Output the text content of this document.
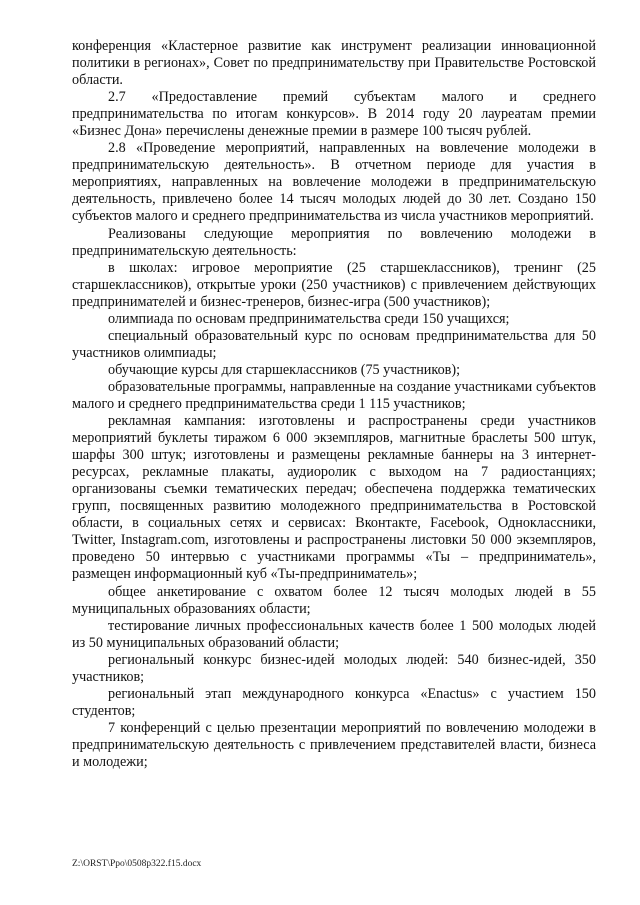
конференция «Кластерное развитие как инструмент реализации инновационной политики в регионах», Совет по предпринимательству при Правительстве Ростовской области.

2.7 «Предоставление премий субъектам малого и среднего предпринимательства по итогам конкурсов». В 2014 году 20 лауреатам премии «Бизнес Дона» перечислены денежные премии в размере 100 тысяч рублей.

2.8 «Проведение мероприятий, направленных на вовлечение молодежи в предпринимательскую деятельность». В отчетном периоде для участия в мероприятиях, направленных на вовлечение молодежи в предпринимательскую деятельность, привлечено более 14 тысяч молодых людей до 30 лет. Создано 150 субъектов малого и среднего предпринимательства из числа участников мероприятий.

Реализованы следующие мероприятия по вовлечению молодежи в предпринимательскую деятельность:

в школах: игровое мероприятие (25 старшеклассников), тренинг (25 старшеклассников), открытые уроки (250 участников) с привлечением действующих предпринимателей и бизнес-тренеров, бизнес-игра (500 участников);

олимпиада по основам предпринимательства среди 150 учащихся;

специальный образовательный курс по основам предпринимательства для 50 участников олимпиады;

обучающие курсы для старшеклассников (75 участников);

образовательные программы, направленные на создание участниками субъектов малого и среднего предпринимательства среди 1 115 участников;

рекламная кампания: изготовлены и распространены среди участников мероприятий буклеты тиражом 6 000 экземпляров, магнитные браслеты 500 штук, шарфы 300 штук; изготовлены и размещены рекламные баннеры на 3 интернет-ресурсах, рекламные плакаты, аудиоролик с выходом на 7 радиостанциях; организованы съемки тематических передач; обеспечена поддержка тематических групп, посвященных развитию молодежного предпринимательства в Ростовской области, в социальных сетях и сервисах: Вконтакте, Facebook, Одноклассники, Twitter, Instagram.com, изготовлены и распространены листовки 50 000 экземпляров, проведено 50 интервью с участниками программы «Ты – предприниматель», размещен информационный куб «Ты-предприниматель»;

общее анкетирование с охватом более 12 тысяч молодых людей в 55 муниципальных образованиях области;

тестирование личных профессиональных качеств более 1 500 молодых людей из 50 муниципальных образований области;

региональный конкурс бизнес-идей молодых людей: 540 бизнес-идей, 350 участников;

региональный этап международного конкурса «Enactus» с участием 150 студентов;

7 конференций с целью презентации мероприятий по вовлечению молодежи в предпринимательскую деятельность с привлечением представителей власти, бизнеса и молодежи;

Z:\ORST\Ppo\0508p322.f15.docx
